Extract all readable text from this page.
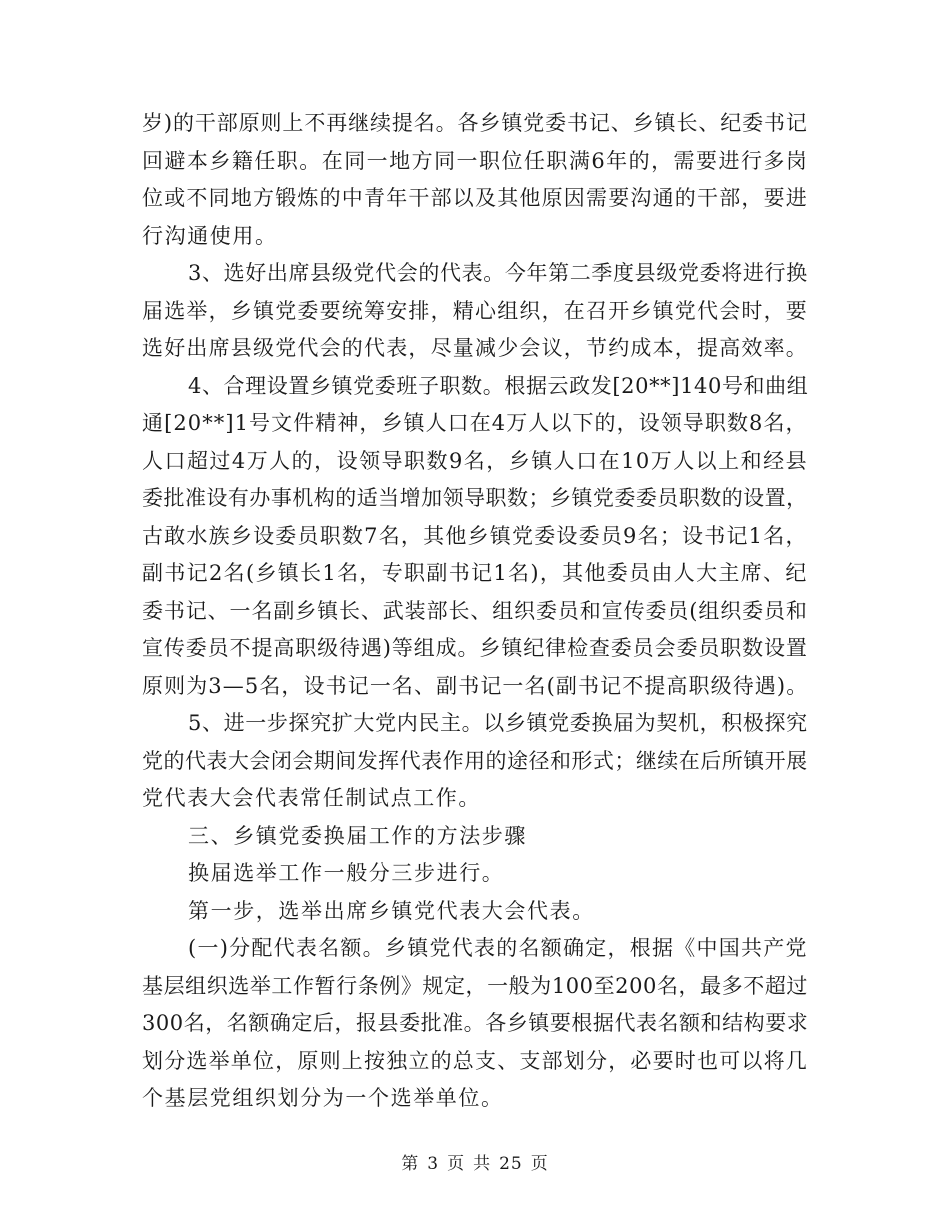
岁)的干部原则上不再继续提名。各乡镇党委书记、乡镇长、纪委书记
回避本乡籍任职。在同一地方同一职位任职满6年的，需要进行多岗
位或不同地方锻炼的中青年干部以及其他原因需要沟通的干部，要进
行沟通使用。
3、选好出席县级党代会的代表。今年第二季度县级党委将进行换
届选举，乡镇党委要统筹安排，精心组织，在召开乡镇党代会时，要
选好出席县级党代会的代表，尽量减少会议，节约成本，提高效率。
4、合理设置乡镇党委班子职数。根据云政发[20**]140号和曲组
通[20**]1号文件精神，乡镇人口在4万人以下的，设领导职数8名，
人口超过4万人的，设领导职数9名，乡镇人口在10万人以上和经县
委批准设有办事机构的适当增加领导职数；乡镇党委委员职数的设置，
古敢水族乡设委员职数7名，其他乡镇党委设委员9名；设书记1名，
副书记2名(乡镇长1名，专职副书记1名)，其他委员由人大主席、纪
委书记、一名副乡镇长、武装部长、组织委员和宣传委员(组织委员和
宣传委员不提高职级待遇)等组成。乡镇纪律检查委员会委员职数设置
原则为3—5名，设书记一名、副书记一名(副书记不提高职级待遇)。
5、进一步探究扩大党内民主。以乡镇党委换届为契机，积极探究
党的代表大会闭会期间发挥代表作用的途径和形式；继续在后所镇开展
党代表大会代表常任制试点工作。
三、乡镇党委换届工作的方法步骤
换届选举工作一般分三步进行。
第一步，选举出席乡镇党代表大会代表。
(一)分配代表名额。乡镇党代表的名额确定，根据《中国共产党
基层组织选举工作暂行条例》规定，一般为100至200名，最多不超过
300名，名额确定后，报县委批准。各乡镇要根据代表名额和结构要求
划分选举单位，原则上按独立的总支、支部划分，必要时也可以将几
个基层党组织划分为一个选举单位。
第 3 页 共 25 页
